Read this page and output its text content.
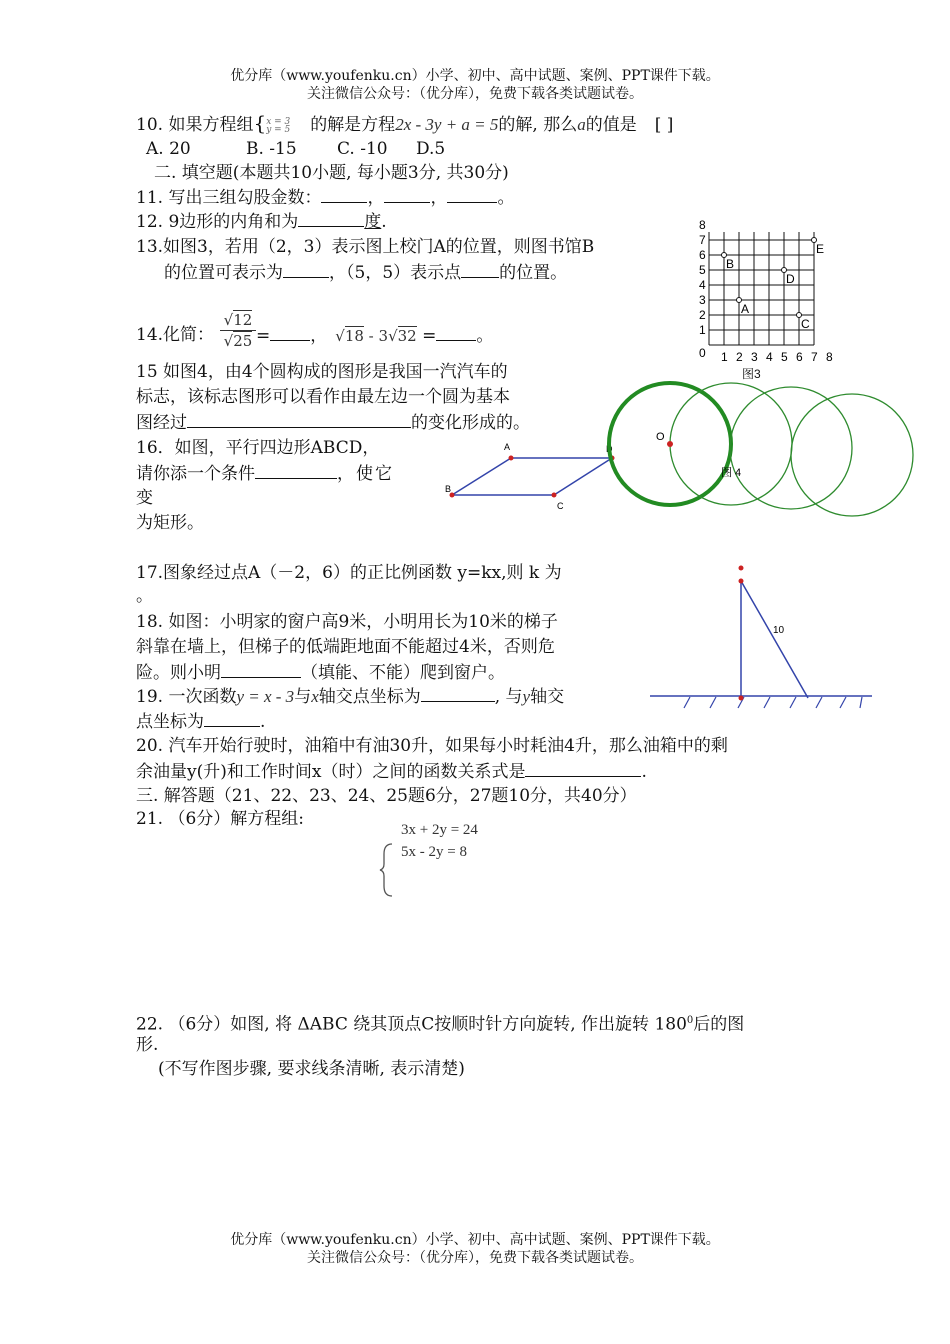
优分库（www.youfenku.cn）小学、初中、高中试题、案例、PPT课件下载。
关注微信公众号：（优分库），免费下载各类试题试卷。
10. 如果方程组{ x = 3
y = 5	的解是方程2x - 3y + a = 5的解, 那么a的值是 [ ]
A. 20	B. -15 C. -10 D.5
二. 填空题(本题共10小题, 每小题3分, 共30分)
11. 写出三组勾股金数：	，	，	。
12. 9边形的内角和为	度.
13.如图3，若用（2，3）表示图上校门A的位置，则图书馆B
的位置可表示为	，（5，5）表示点 的位置。
14.化简：
√12
√25 = ， √18 - 3√32 = 。
15 如图4，由4个圆构成的图形是我国一汽汽车的
标志，该标志图形可以看作由最左边一个圆为基本
图经过	的变化形成的。
16．如图，平行四边形ABCD，
请你添一个条件	，使它
变
为矩形。
17.图象经过点A（－2，6）的正比例函数 y=kx,则 k 为
。
18. 如图：小明家的窗户高9米，小明用长为10米的梯子
斜靠在墙上，但梯子的低端距地面不能超过4米，否则危
险。则小明	（填能、不能）爬到窗户。
19. 一次函数y = x - 3与x轴交点坐标为	, 与y轴交
点坐标为	.
20. 汽车开始行驶时，油箱中有油30升，如果每小时耗油4升，那么油箱中的剩
余油量y(升)和工作时间x（时）之间的函数关系式是	.
三. 解答题（21、22、23、24、25题6分，27题10分，共40分）
21. （6分）解方程组:
3x + 2y = 24
5x - 2y = 8
22. （6分）如图, 将 ΔABC 绕其顶点C按顺时针方向旋转, 作出旋转 $180^0$后的图
形.
(不写作图步骤, 要求线条清晰, 表示清楚)
优分库（www.youfenku.cn）小学、初中、高中试题、案例、PPT课件下载。
关注微信公众号：（优分库），免费下载各类试题试卷。
8
7
6
5
4
3
2
1
0 1 2 3 4 5 6 7 8
A
B
C
D
E
图3
A
B
C
D
O
图 4
10
